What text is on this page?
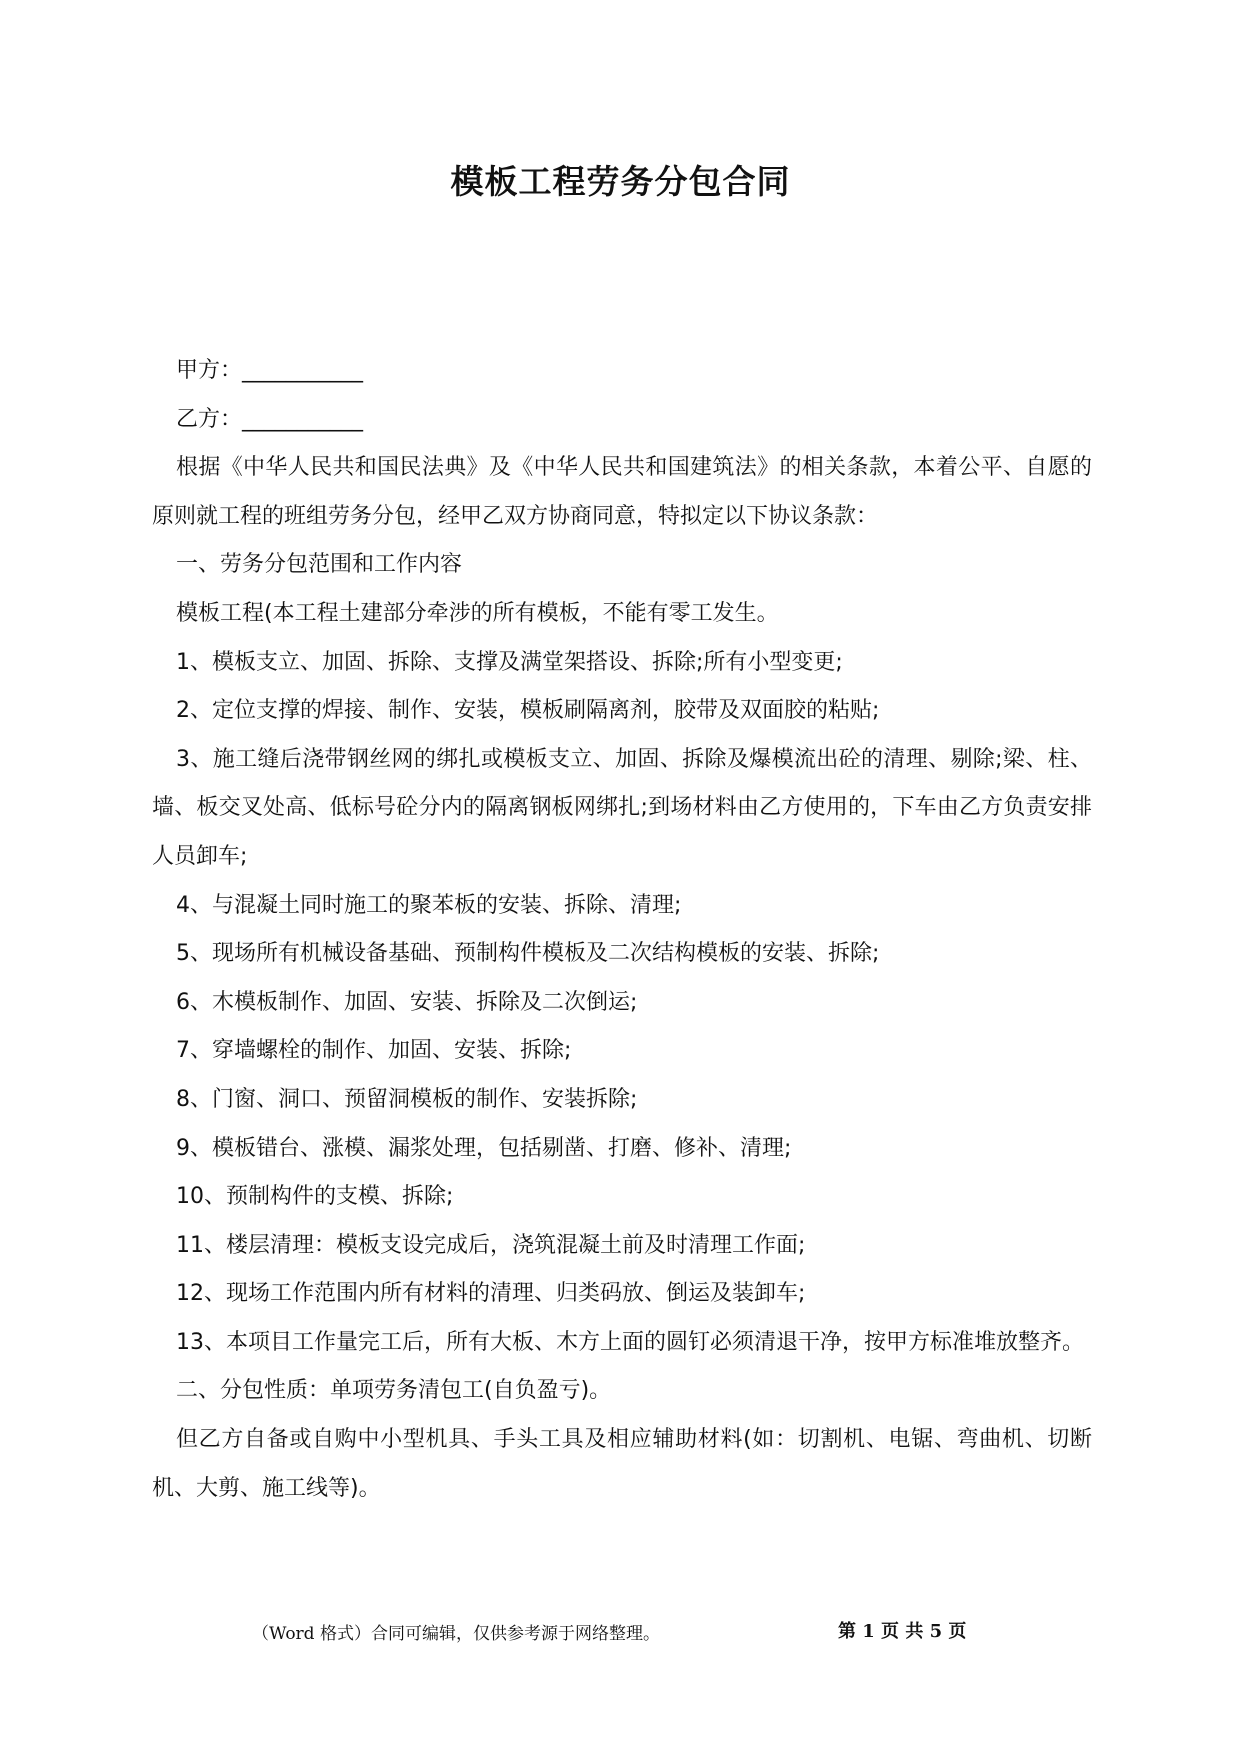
模板工程劳务分包合同

甲方：___________

乙方：___________

根据《中华人民共和国民法典》及《中华人民共和国建筑法》的相关条款，本着公平、自愿的原则就工程的班组劳务分包，经甲乙双方协商同意，特拟定以下协议条款：

一、劳务分包范围和工作内容

模板工程(本工程土建部分牵涉的所有模板，不能有零工发生。

1、模板支立、加固、拆除、支撑及满堂架搭设、拆除;所有小型变更;

2、定位支撑的焊接、制作、安装，模板刷隔离剂，胶带及双面胶的粘贴;

3、施工缝后浇带钢丝网的绑扎或模板支立、加固、拆除及爆模流出砼的清理、剔除;梁、柱、墙、板交叉处高、低标号砼分内的隔离钢板网绑扎;到场材料由乙方使用的，下车由乙方负责安排人员卸车;

4、与混凝土同时施工的聚苯板的安装、拆除、清理;

5、现场所有机械设备基础、预制构件模板及二次结构模板的安装、拆除;

6、木模板制作、加固、安装、拆除及二次倒运;

7、穿墙螺栓的制作、加固、安装、拆除;

8、门窗、洞口、预留洞模板的制作、安装拆除;

9、模板错台、涨模、漏浆处理，包括剔凿、打磨、修补、清理;

10、预制构件的支模、拆除;

11、楼层清理：模板支设完成后，浇筑混凝土前及时清理工作面;

12、现场工作范围内所有材料的清理、归类码放、倒运及装卸车;

13、本项目工作量完工后，所有大板、木方上面的圆钉必须清退干净，按甲方标准堆放整齐。

二、分包性质：单项劳务清包工(自负盈亏)。

但乙方自备或自购中小型机具、手头工具及相应辅助材料(如：切割机、电锯、弯曲机、切断机、大剪、施工线等)。

（Word 格式）合同可编辑，仅供参考源于网络整理。	第 1 页 共 5 页
